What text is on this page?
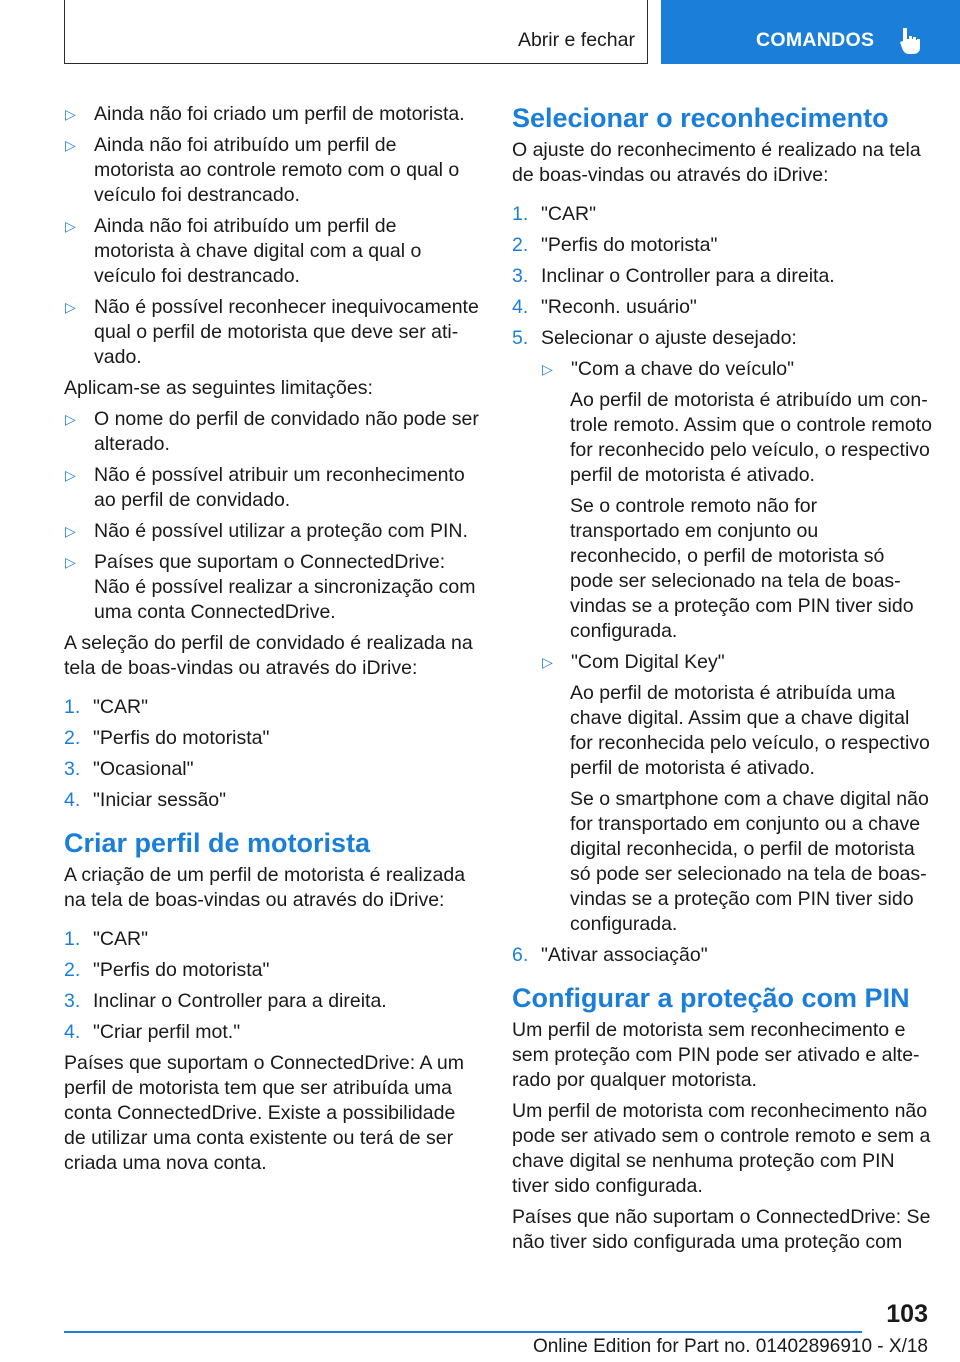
Abrir e fechar	COMANDOS
▷ Ainda não foi criado um perfil de motorista.
▷ Ainda não foi atribuído um perfil de motorista ao controle remoto com o qual o veículo foi destrancado.
▷ Ainda não foi atribuído um perfil de motorista à chave digital com a qual o veículo foi destrancado.
▷ Não é possível reconhecer inequivocamente qual o perfil de motorista que deve ser ativado.

Aplicam-se as seguintes limitações:

▷ O nome do perfil de convidado não pode ser alterado.
▷ Não é possível atribuir um reconhecimento ao perfil de convidado.
▷ Não é possível utilizar a proteção com PIN.
▷ Países que suportam o ConnectedDrive: Não é possível realizar a sincronização com uma conta ConnectedDrive.

A seleção do perfil de convidado é realizada na tela de boas-vindas ou através do iDrive:

1. "CAR"
2. "Perfis do motorista"
3. "Ocasional"
4. "Iniciar sessão"
Criar perfil de motorista

A criação de um perfil de motorista é realizada na tela de boas-vindas ou através do iDrive:

1. "CAR"
2. "Perfis do motorista"
3. Inclinar o Controller para a direita.
4. "Criar perfil mot."

Países que suportam o ConnectedDrive: A um perfil de motorista tem que ser atribuída uma conta ConnectedDrive. Existe a possibilidade de utilizar uma conta existente ou terá de ser criada uma nova conta.

Selecionar o reconhecimento

O ajuste do reconhecimento é realizado na tela de boas-vindas ou através do iDrive:

1. "CAR"
2. "Perfis do motorista"
3. Inclinar o Controller para a direita.
4. "Reconh. usuário"
5. Selecionar o ajuste desejado:
▷ "Com a chave do veículo"

Ao perfil de motorista é atribuído um controle remoto. Assim que o controle remoto for reconhecido pelo veículo, o respectivo perfil de motorista é ativado.

Se o controle remoto não for transportado em conjunto ou reconhecido, o perfil de motorista só pode ser selecionado na tela de boas-vindas se a proteção com PIN tiver sido configurada.

▷ "Com Digital Key"

Ao perfil de motorista é atribuída uma chave digital. Assim que a chave digital for reconhecida pelo veículo, o respectivo perfil de motorista é ativado.

Se o smartphone com a chave digital não for transportado em conjunto ou a chave digital reconhecida, o perfil de motorista só pode ser selecionado na tela de boas-vindas se a proteção com PIN tiver sido configurada.

6. "Ativar associação"
Configurar a proteção com PIN

Um perfil de motorista sem reconhecimento e sem proteção com PIN pode ser ativado e alterado por qualquer motorista.

Um perfil de motorista com reconhecimento não pode ser ativado sem o controle remoto e sem a chave digital se nenhuma proteção com PIN tiver sido configurada.

Países que não suportam o ConnectedDrive: Se não tiver sido configurada uma proteção com

103
Online Edition for Part no. 01402896910 - X/18
